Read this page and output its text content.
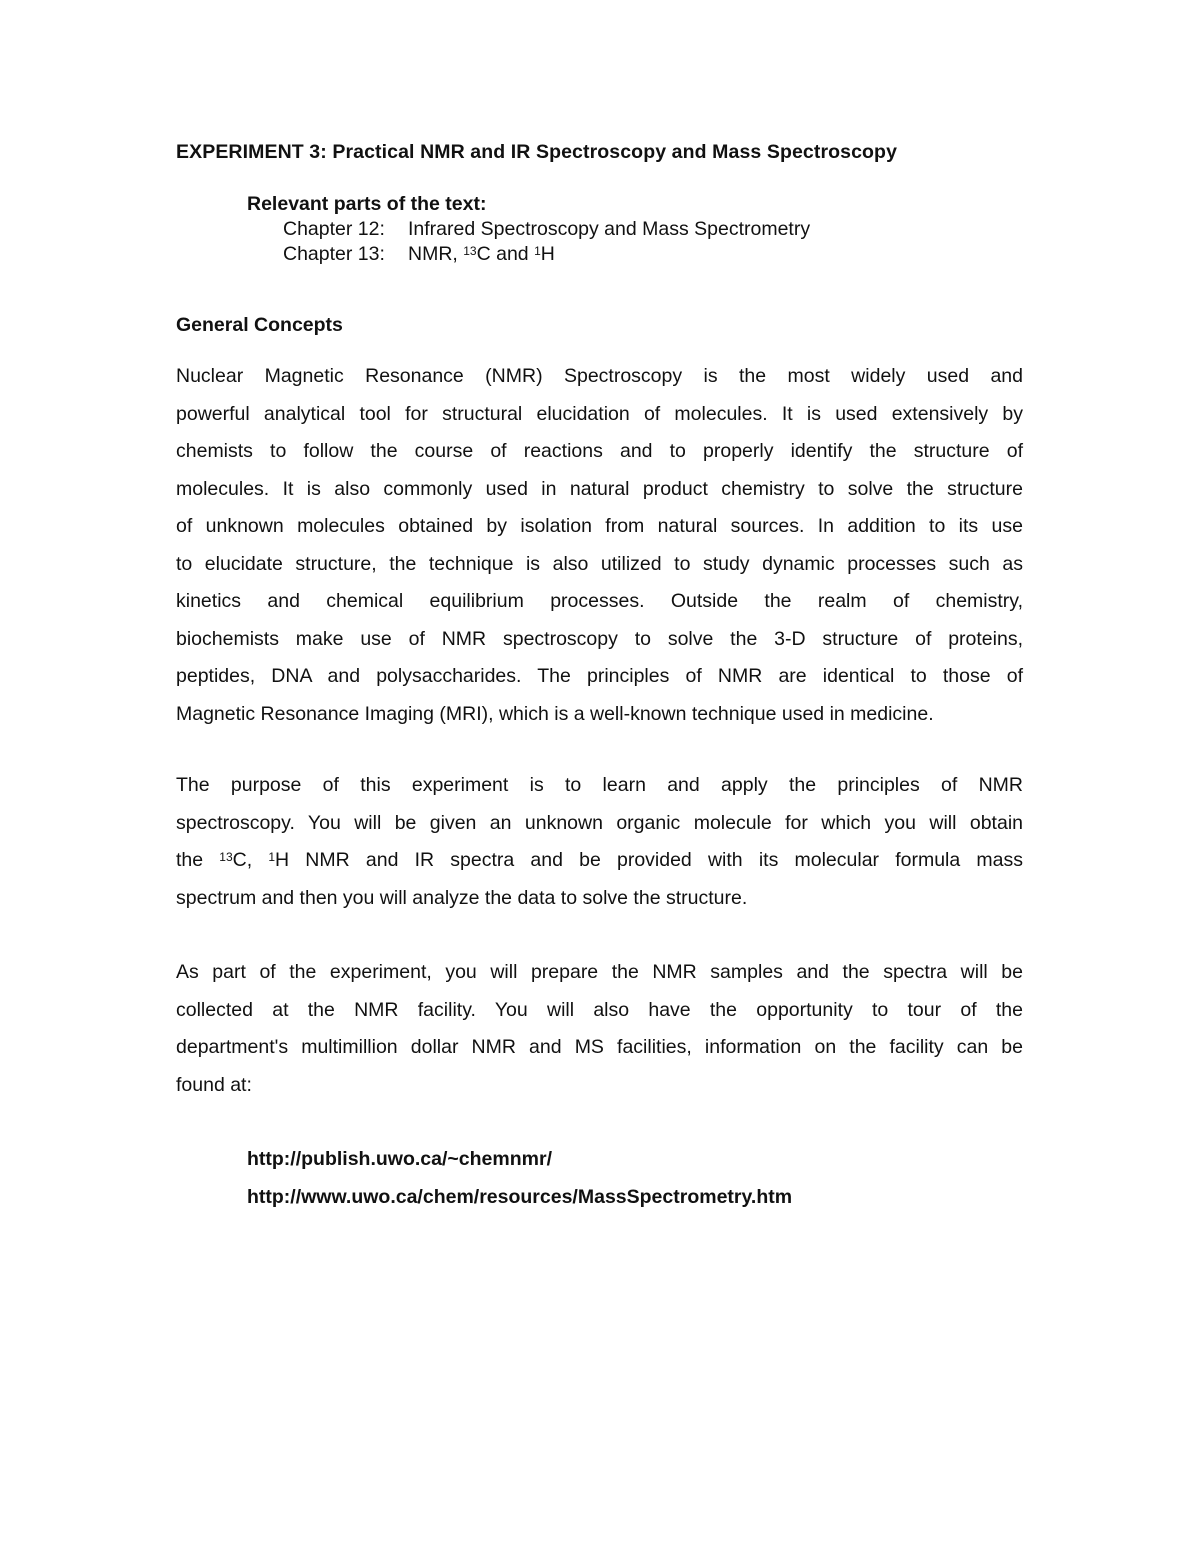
EXPERIMENT 3: Practical NMR and IR Spectroscopy and Mass Spectroscopy
Relevant parts of the text:
Chapter 12: Infrared Spectroscopy and Mass Spectrometry
Chapter 13: NMR, $^{13}$C and $^1$H
General Concepts
Nuclear Magnetic Resonance (NMR) Spectroscopy is the most widely used and
powerful analytical tool for structural elucidation of molecules. It is used extensively by
chemists to follow the course of reactions and to properly identify the structure of
molecules. It is also commonly used in natural product chemistry to solve the structure
of unknown molecules obtained by isolation from natural sources. In addition to its use
to elucidate structure, the technique is also utilized to study dynamic processes such as
kinetics and chemical equilibrium processes. Outside the realm of chemistry,
biochemists make use of NMR spectroscopy to solve the 3-D structure of proteins,
peptides, DNA and polysaccharides. The principles of NMR are identical to those of
Magnetic Resonance Imaging (MRI), which is a well-known technique used in medicine.
The purpose of this experiment is to learn and apply the principles of NMR
spectroscopy. You will be given an unknown organic molecule for which you will obtain
the $^{13}$C, $^1$H NMR and IR spectra and be provided with its molecular formula mass
spectrum and then you will analyze the data to solve the structure.
As part of the experiment, you will prepare the NMR samples and the spectra will be
collected at the NMR facility. You will also have the opportunity to tour of the
department's multimillion dollar NMR and MS facilities, information on the facility can be
found at:
http://publish.uwo.ca/~chemnmr/
http://www.uwo.ca/chem/resources/MassSpectrometry.htm
